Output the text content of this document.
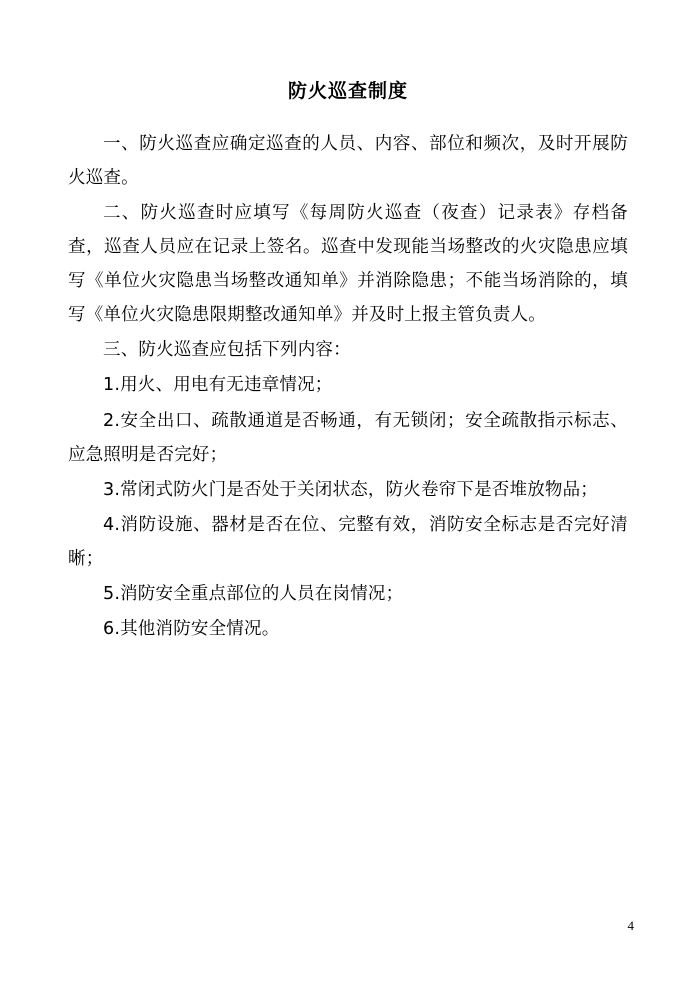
防火巡查制度

一、防火巡查应确定巡查的人员、内容、部位和频次，及时开展防火巡查。

二、防火巡查时应填写《每周防火巡查（夜查）记录表》存档备查，巡查人员应在记录上签名。巡查中发现能当场整改的火灾隐患应填写《单位火灾隐患当场整改通知单》并消除隐患；不能当场消除的，填写《单位火灾隐患限期整改通知单》并及时上报主管负责人。

三、防火巡查应包括下列内容：

1.用火、用电有无违章情况；

2.安全出口、疏散通道是否畅通，有无锁闭；安全疏散指示标志、应急照明是否完好；

3.常闭式防火门是否处于关闭状态，防火卷帘下是否堆放物品；

4.消防设施、器材是否在位、完整有效，消防安全标志是否完好清晰；

5.消防安全重点部位的人员在岗情况；

6.其他消防安全情况。

4
